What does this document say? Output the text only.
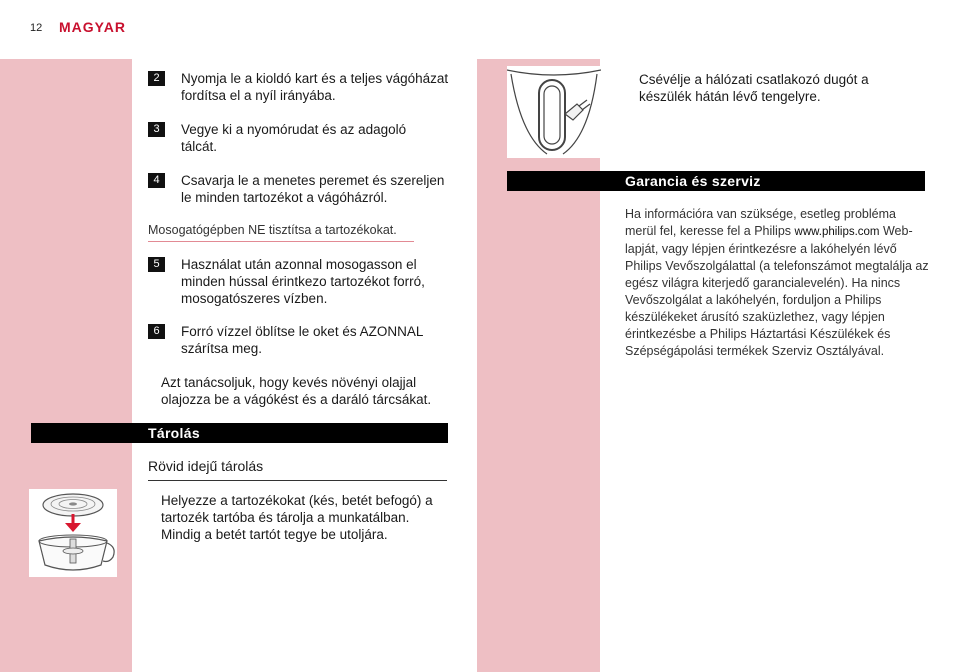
12 MAGYAR
2	Nyomja le a kioldó kart és a teljes vágóházat fordítsa el a nyíl irányába.
3	Vegye ki a nyomórudat és az adagoló tálcát.
4	Csavarja le a menetes peremet és szereljen le minden tartozékot a vágóházról.
Mosogatógépben NE tisztítsa a tartozékokat.
5	Használat után azonnal mosogasson el minden hússal érintkezo tartozékot forró, mosogatószeres vízben.
6	Forró vízzel öblítse le oket és AZONNAL szárítsa meg.
Azt tanácsoljuk, hogy kevés növényi olajjal olajozza be a vágókést és a daráló tárcsákat.
Tárolás
Rövid idejű tárolás
Helyezze a tartozékokat (kés, betét befogó) a tartozék tartóba és tárolja a munkatálban. Mindig a betét tartót tegye be utoljára.
Csévélje a hálózati csatlakozó dugót a készülék hátán lévő tengelyre.
Garancia és szerviz
Ha információra van szüksége, esetleg probléma merül fel, keresse fel a Philips www.philips.com Web-lapját, vagy lépjen érintkezésre a lakóhelyén lévő Philips Vevőszolgálattal (a telefonszámot megtalálja az egész világra kiterjedő garancialevelén). Ha nincs Vevőszolgálat a lakóhelyén, forduljon a Philips készülékeket árusító szaküzlethez, vagy lépjen érintkezésbe a Philips Háztartási Készülékek és Szépségápolási termékek Szerviz Osztályával.
